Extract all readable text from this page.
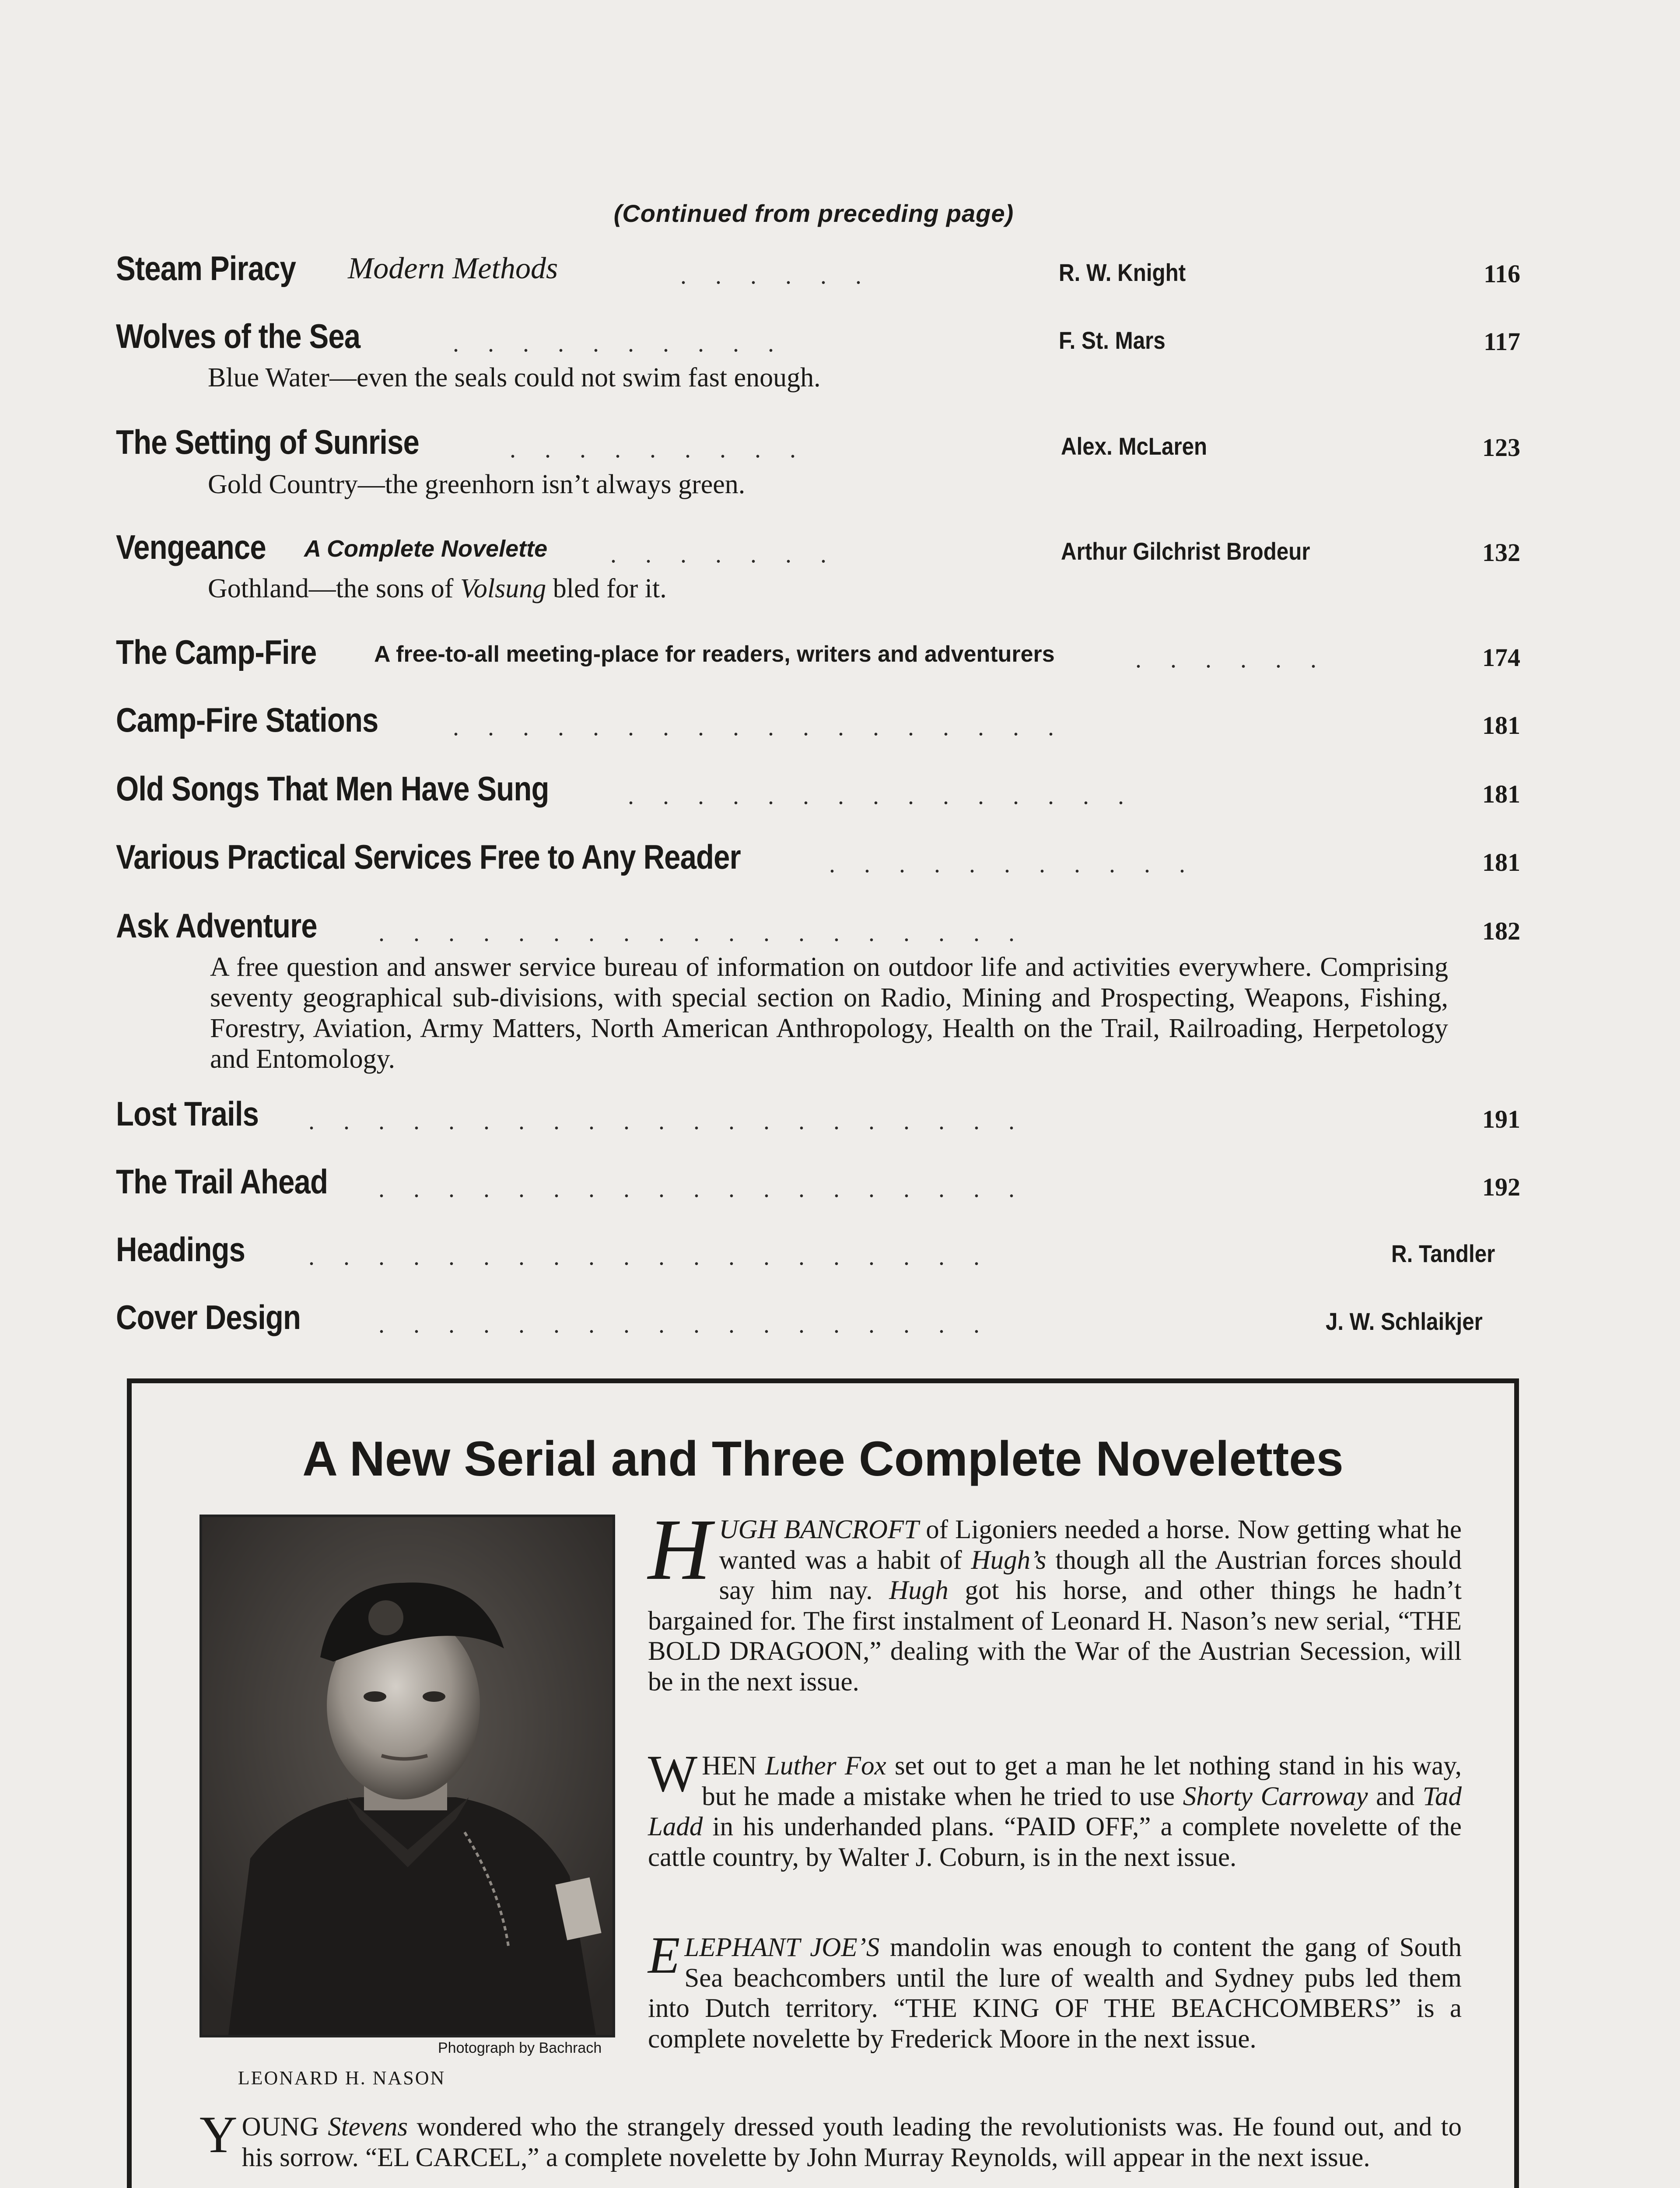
(Continued from preceding page)
Steam Piracy Modern Methods	......	R. W. Knight	116
Wolves of the Sea	..........	F. St. Mars	117
Blue Water—even the seals could not swim fast enough.
The Setting of Sunrise	.........	Alex. McLaren	123
Gold Country—the greenhorn isn’t always green.
Vengeance A Complete Novelette	.......	Arthur Gilchrist Brodeur	132
Gothland—the sons of Volsung bled for it.
The Camp-Fire	A free-to-all meeting-place for readers, writers and adventurers	......	174
Camp-Fire Stations	..................	181
Old Songs That Men Have Sung	...............	181
Various Practical Services Free to Any Reader	...........	181
Ask Adventure	...................	182
A free question and answer service bureau of information on outdoor life and activities everywhere. Comprising seventy geographical sub-divisions, with special section on Radio, Mining and Prospecting, Weapons, Fishing, Forestry, Aviation, Army Matters, North American Anthropology, Health on the Trail, Railroading, Herpetology and Entomology.
Lost Trails .....................	191
The Trail Ahead ...................	192
Headings	....................	R. Tandler
Cover Design	..................	J. W. Schlaikjer
A New Serial and Three Complete Novelettes
Photograph by Bachrach
LEONARD H. NASON
HUGH BANCROFT of Ligoniers needed a horse. Now getting what he wanted was a habit of Hugh’s though all the Austrian forces should say him nay. Hugh got his horse, and other things he hadn’t bargained for. The first instalment of Leonard H. Nason’s new serial, “THE BOLD DRAGOON,” dealing with the War of the Austrian Secession, will be in the next issue.
WHEN Luther Fox set out to get a man he let nothing stand in his way, but he made a mistake when he tried to use Shorty Carroway and Tad Ladd in his underhanded plans. “PAID OFF,” a complete novelette of the cattle country, by Walter J. Coburn, is in the next issue.
ELEPHANT JOE’S mandolin was enough to content the gang of South Sea beachcombers until the lure of wealth and Sydney pubs led them into Dutch territory. “THE KING OF THE BEACHCOMBERS” is a complete novelette by Frederick Moore in the next issue.
YOUNG Stevens wondered who the strangely dressed youth leading the revolutionists was. He found out, and to his sorrow. “EL CARCEL,” a complete novelette by John Murray Reynolds, will appear in the next issue.
